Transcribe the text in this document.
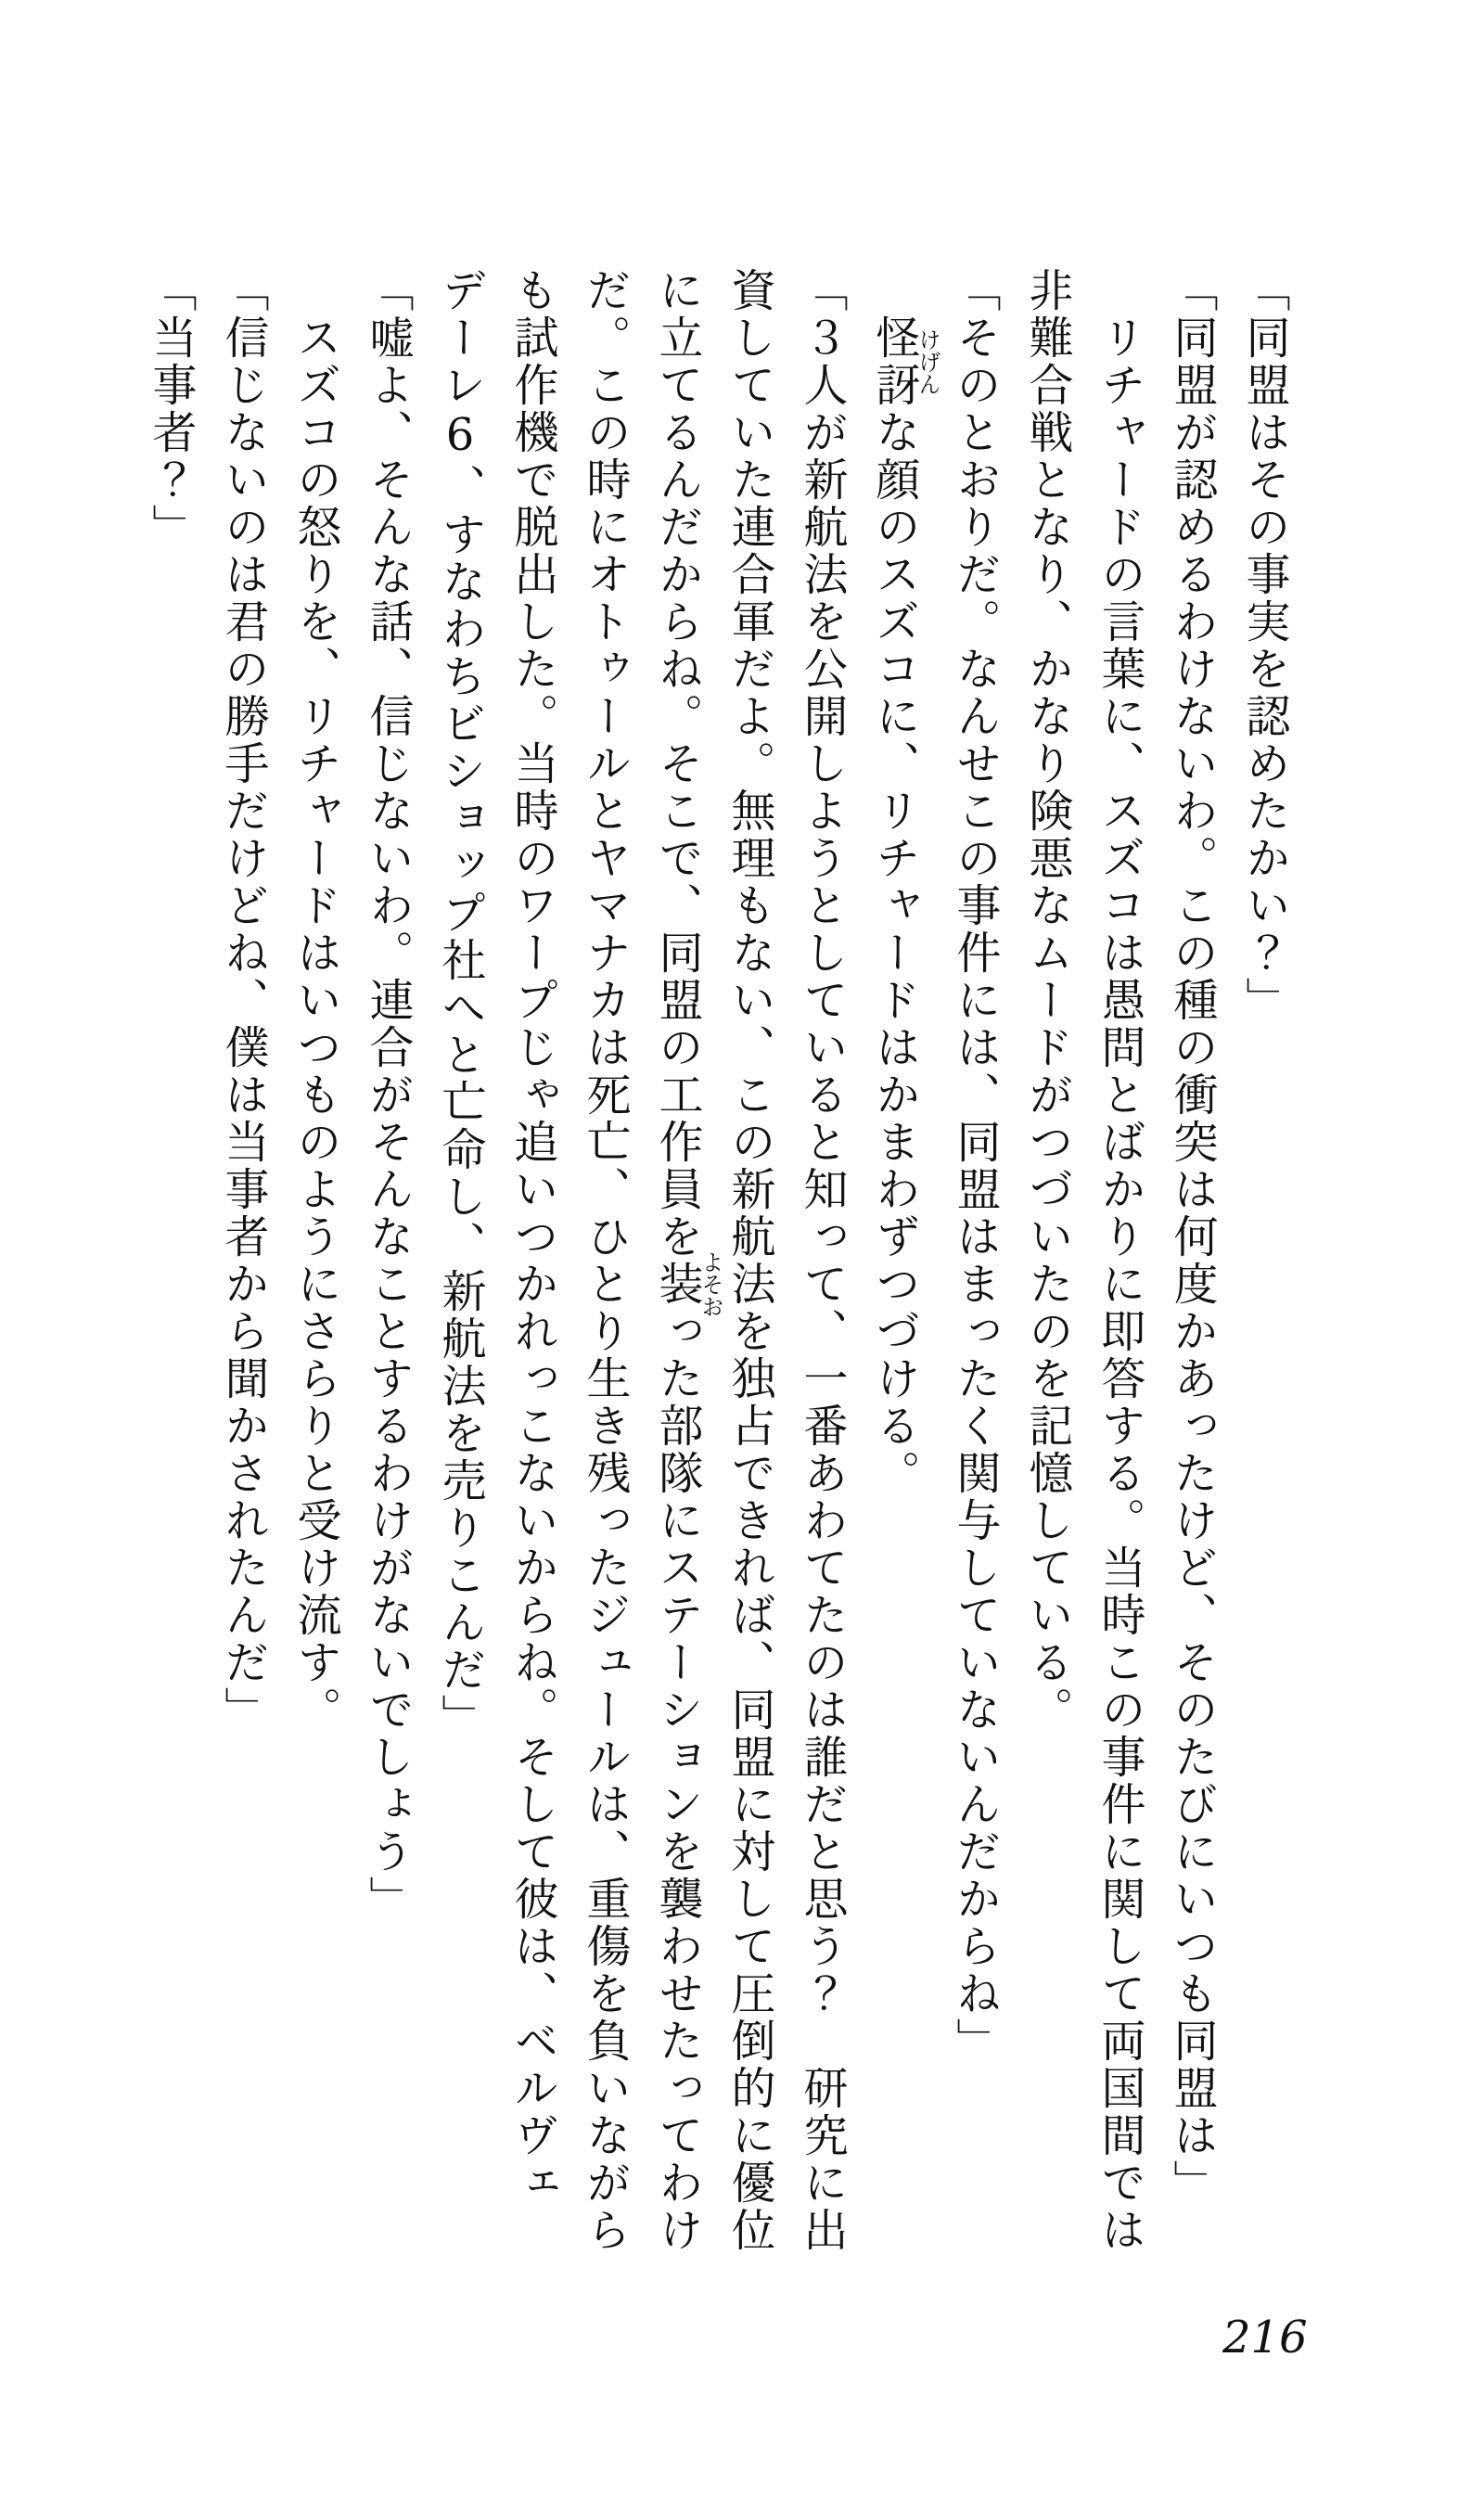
「同盟はその事実を認めたかい？」

「同盟が認めるわけないわ。この種の衝突は何度かあったけど、そのたびにいつも同盟は」

リチャードの言葉に、スズコは愚問とばかりに即答する。当時この事件に関して両国間では非難合戦となり、かなり険悪なムードがつづいたのを記憶している。

「そのとおりだ。なんせこの事件には、同盟はまったく関与していないんだからね」

怪訝けげんな顔のスズコに、リチャードはかまわずつづける。

「３人が新航法を公開しようとしていると知って、一番あわてたのは誰だと思う？　研究に出資していた連合軍だよ。無理もない、この新航法を独占できれば、同盟に対して圧倒的に優位に立てるんだからね。そこで、同盟の工作員を装よそおった部隊にステーションを襲わせたってわけだ。この時にオトゥールとヤマナカは死亡、ひとり生き残ったジュールは、重傷を負いながらも試作機で脱出した。当時のワープじゃ追いつかれっこないからね。そして彼は、ベルヴェデーレ6、すなわちビショップ社へと亡命し、新航法を売りこんだ」

「嘘よ、そんな話、信じないわ。連合がそんなことするわけがないでしょう」

スズコの怒りを、リチャードはいつものようにさらりと受け流す。

「信じないのは君の勝手だけどね、僕は当事者から聞かされたんだ」

「当事者？」

216
